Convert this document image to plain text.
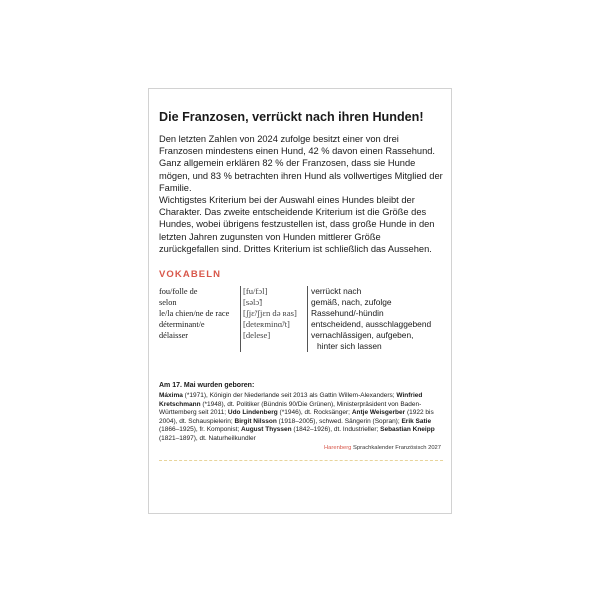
Die Franzosen, verrückt nach ihren Hunden!

Den letzten Zahlen von 2024 zufolge besitzt einer von drei Franzosen mindestens einen Hund, 42 % davon einen Rassehund. Ganz allgemein erklären 82 % der Franzosen, dass sie Hunde mögen, und 83 % betrachten ihren Hund als vollwertiges Mitglied der Familie.

Wichtigstes Kriterium bei der Auswahl eines Hundes bleibt der Charakter. Das zweite entscheidende Kriterium ist die Größe des Hundes, wobei übrigens festzustellen ist, dass große Hunde in den letzten Jahren zugunsten von Hunden mittlerer Größe zurückgefallen sind. Drittes Kriterium ist schließlich das Aussehen.

VOKABELN
fou/folle de
selon
le/la chien/ne de race
déterminant/e
délaisser
[fu/fɔl]
[səlɔ̃]
[ʃjɛ̃/ʃjɛn də ʀas]
[deteʀminɑ̃/t]
[delese]
verrückt nach
gemäß, nach, zufolge
Rassehund/-hündin
entscheidend, ausschlaggebend
vernachlässigen, aufgeben,
hinter sich lassen
Am 17. Mai wurden geboren:
Máxima (*1971), Königin der Niederlande seit 2013 als Gattin Willem-Alexanders; Winfried Kretschmann (*1948), dt. Politiker (Bündnis 90/Die Grünen), Ministerpräsident von Baden-Württemberg seit 2011; Udo Lindenberg (*1946), dt. Rocksänger; Antje Weisgerber (1922 bis 2004), dt. Schauspielerin; Birgit Nilsson (1918–2005), schwed. Sängerin (Sopran); Erik Satie (1866–1925), fr. Komponist; August Thyssen (1842–1926), dt. Industrieller; Sebastian Kneipp (1821–1897), dt. Naturheilkundler
Harenberg Sprachkalender Französisch 2027
